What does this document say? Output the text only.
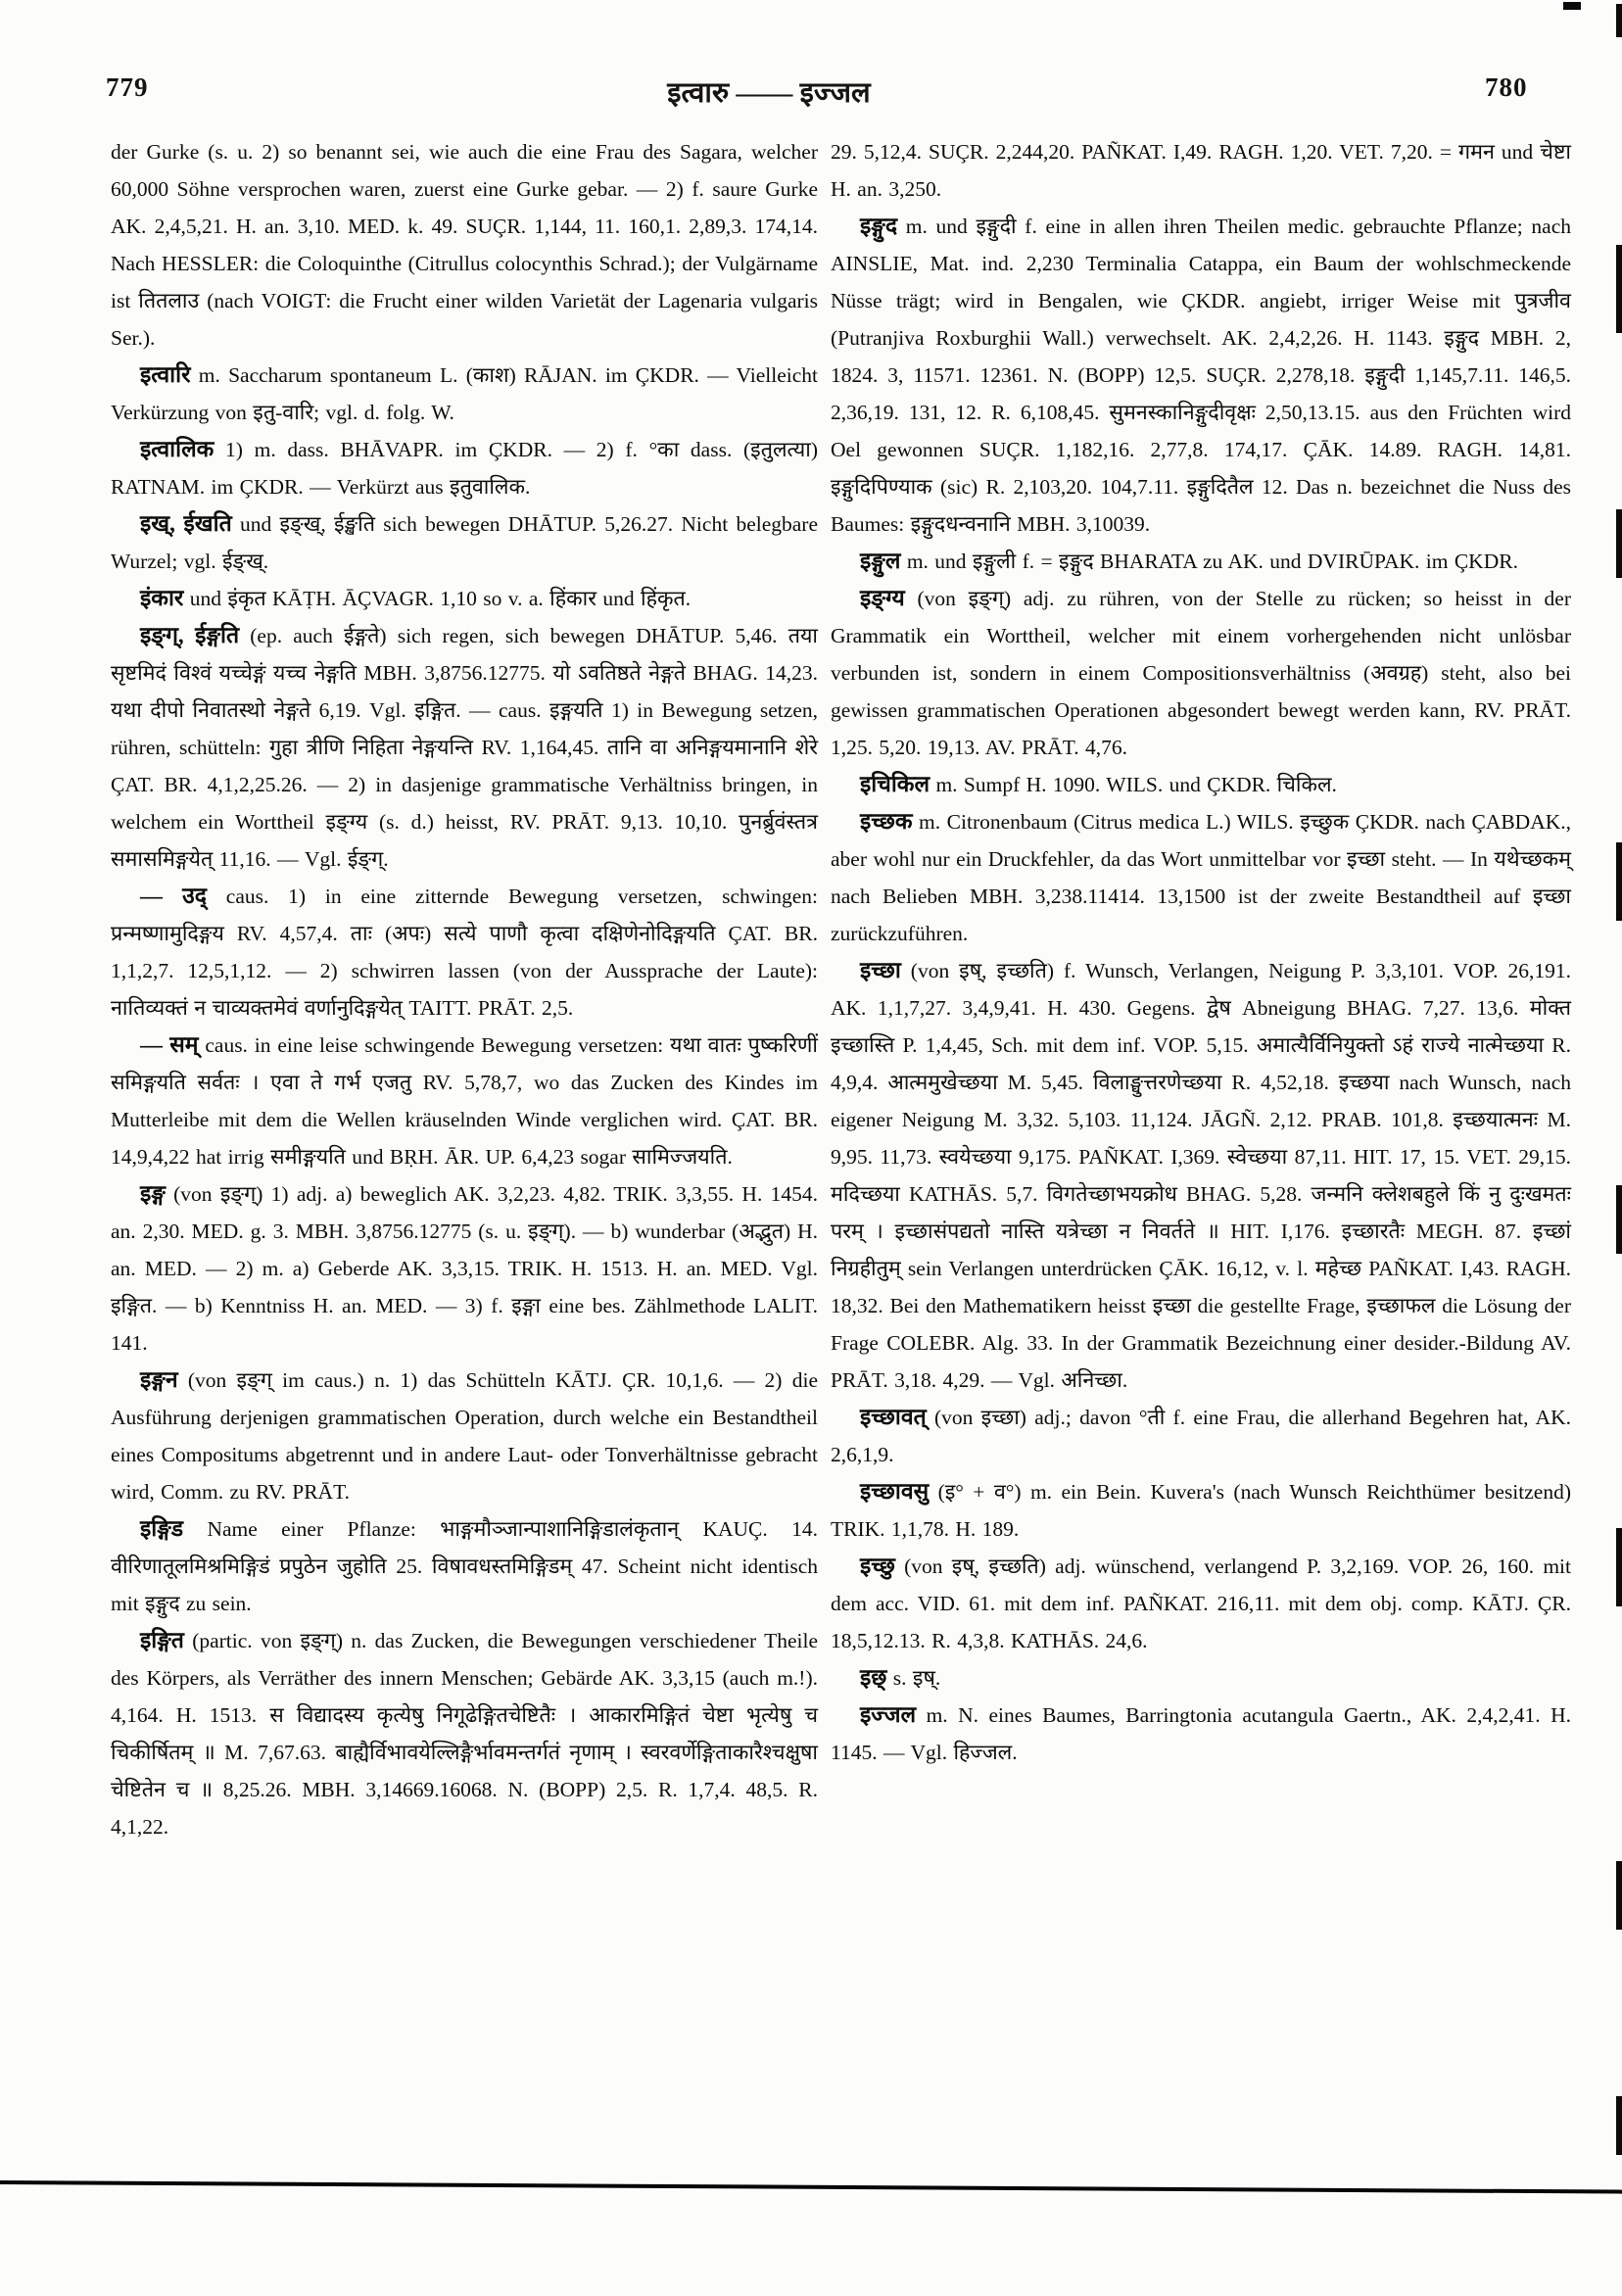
779	इत्वारु —— इज्जल	780

der Gurke (s. u. 2) so benannt sei, wie auch die eine Frau des Sagara, welcher 60,000 Söhne versprochen waren, zuerst eine Gurke gebar. — 2) f. saure Gurke AK. 2,4,5,21. H. an. 3,10. MED. k. 49. SUÇR. 1,144, 11. 160,1. 2,89,3. 174,14. Nach HESSLER: die Coloquinthe (Citrullus colocynthis Schrad.); der Vulgärname ist तितलाउ (nach VOIGT: die Frucht einer wilden Varietät der Lagenaria vulgaris Ser.).

इत्वारि m. Saccharum spontaneum L. (काश) RĀJAN. im ÇKDR. — Vielleicht Verkürzung von इतु-वारि; vgl. d. folg. W.

इत्वालिक 1) m. dass. BHĀVAPR. im ÇKDR. — 2) f. °का dass. (इतुलत्या) RATNAM. im ÇKDR. — Verkürzt aus इतुवालिक.

इख्, ईखति und इङ्ख्, ईङ्खति sich bewegen DHĀTUP. 5,26.27. Nicht belegbare Wurzel; vgl. ईङ्ख्.

इंकार und इंकृत KĀṬH. ĀÇVAGR. 1,10 so v. a. हिंकार und हिंकृत.

इङ्ग्, ईङ्गति (ep. auch ईङ्गते) sich regen, sich bewegen DHĀTUP. 5,46. तया सृष्टमिदं विश्वं यच्चेङ्गं यच्च नेङ्गति MBH. 3,8756.12775. यो ऽवतिष्ठते नेङ्गते BHAG. 14,23. यथा दीपो निवातस्थो नेङ्गते 6,19. Vgl. इङ्गित. — caus. इङ्गयति 1) in Bewegung setzen, rühren, schütteln: गुहा त्रीणि निहिता नेङ्गयन्ति RV. 1,164,45. तानि वा अनिङ्गयमानानि शेरे ÇAT. BR. 4,1,2,25.26. — 2) in dasjenige grammatische Verhältniss bringen, in welchem ein Worttheil इङ्ग्य (s. d.) heisst, RV. PRĀT. 9,13. 10,10. पुनर्ब्रुवंस्तत्र समासमिङ्गयेत् 11,16. — Vgl. ईङ्ग्.

— उद् caus. 1) in eine zitternde Bewegung versetzen, schwingen: प्रन्मष्णामुदिङ्गय RV. 4,57,4. ताः (अपः) सत्ये पाणौ कृत्वा दक्षिणेनोदिङ्गयति ÇAT. BR. 1,1,2,7. 12,5,1,12. — 2) schwirren lassen (von der Aussprache der Laute): नातिव्यक्तं न चाव्यक्तमेवं वर्णानुदिङ्गयेत् TAITT. PRĀT. 2,5.

— सम् caus. in eine leise schwingende Bewegung versetzen: यथा वातः पुष्करिणीं समिङ्गयति सर्वतः । एवा ते गर्भ एजतु RV. 5,78,7, wo das Zucken des Kindes im Mutterleibe mit dem die Wellen kräuselnden Winde verglichen wird. ÇAT. BR. 14,9,4,22 hat irrig समीङ्गयति und BṚH. ĀR. UP. 6,4,23 sogar सामिज्जयति.

इङ्ग (von इङ्ग्) 1) adj. a) beweglich AK. 3,2,23. 4,82. TRIK. 3,3,55. H. 1454. an. 2,30. MED. g. 3. MBH. 3,8756.12775 (s. u. इङ्ग्). — b) wunderbar (अद्भुत) H. an. MED. — 2) m. a) Geberde AK. 3,3,15. TRIK. H. 1513. H. an. MED. Vgl. इङ्गित. — b) Kenntniss H. an. MED. — 3) f. इङ्गा eine bes. Zählmethode LALIT. 141.

इङ्गन (von इङ्ग् im caus.) n. 1) das Schütteln KĀTJ. ÇR. 10,1,6. — 2) die Ausführung derjenigen grammatischen Operation, durch welche ein Bestandtheil eines Compositums abgetrennt und in andere Laut- oder Tonverhältnisse gebracht wird, Comm. zu RV. PRĀT.

इङ्गिड Name einer Pflanze: भाङ्गमौञ्जान्पाशानिङ्गिडालंकृतान् KAUÇ. 14. वीरिणातूलमिश्रमिङ्गिडं प्रपुठेन जुहोति 25. विषावधस्तमिङ्गिडम् 47. Scheint nicht identisch mit इङ्गुद zu sein.

इङ्गित (partic. von इङ्ग्) n. das Zucken, die Bewegungen verschiedener Theile des Körpers, als Verräther des innern Menschen; Gebärde AK. 3,3,15 (auch m.!). 4,164. H. 1513. स विद्यादस्य कृत्येषु निगूढेङ्गितचेष्टितैः । आकारमिङ्गितं चेष्टा भृत्येषु च चिकीर्षितम् ॥ M. 7,67.63. बाह्यैर्विभावयेल्लिङ्गैर्भावमन्तर्गतं नृणाम् । स्वरवर्णेङ्गिताकारैश्चक्षुषा चेष्टितेन च ॥ 8,25.26. MBH. 3,14669.16068. N. (BOPP) 2,5. R. 1,7,4. 48,5. R. 4,1,22.

29. 5,12,4. SUÇR. 2,244,20. PAÑKAT. I,49. RAGH. 1,20. VET. 7,20. = गमन und चेष्टा H. an. 3,250.

इङ्गुद m. und इङ्गुदी f. eine in allen ihren Theilen medic. gebrauchte Pflanze; nach AINSLIE, Mat. ind. 2,230 Terminalia Catappa, ein Baum der wohlschmeckende Nüsse trägt; wird in Bengalen, wie ÇKDR. angiebt, irriger Weise mit पुत्रजीव (Putranjiva Roxburghii Wall.) verwechselt. AK. 2,4,2,26. H. 1143. इङ्गुद MBH. 2, 1824. 3, 11571. 12361. N. (BOPP) 12,5. SUÇR. 2,278,18. इङ्गुदी 1,145,7.11. 146,5. 2,36,19. 131, 12. R. 6,108,45. सुमनस्कानिङ्गुदीवृक्षः 2,50,13.15. aus den Früchten wird Oel gewonnen SUÇR. 1,182,16. 2,77,8. 174,17. ÇĀK. 14.89. RAGH. 14,81. इङ्गुदिपिण्याक (sic) R. 2,103,20. 104,7.11. इङ्गुदितैल 12. Das n. bezeichnet die Nuss des Baumes: इङ्गुदधन्वनानि MBH. 3,10039.

इङ्गुल m. und इङ्गुली f. = इङ्गुद BHARATA zu AK. und DVIRŪPAK. im ÇKDR.

इङ्ग्य (von इङ्ग्) adj. zu rühren, von der Stelle zu rücken; so heisst in der Grammatik ein Worttheil, welcher mit einem vorhergehenden nicht unlösbar verbunden ist, sondern in einem Compositionsverhältniss (अवग्रह) steht, also bei gewissen grammatischen Operationen abgesondert bewegt werden kann, RV. PRĀT. 1,25. 5,20. 19,13. AV. PRĀT. 4,76.

इचिकिल m. Sumpf H. 1090. WILS. und ÇKDR. चिकिल.

इच्छक m. Citronenbaum (Citrus medica L.) WILS. इच्छुक ÇKDR. nach ÇABDAK., aber wohl nur ein Druckfehler, da das Wort unmittelbar vor इच्छा steht. — In यथेच्छकम् nach Belieben MBH. 3,238.11414. 13,1500 ist der zweite Bestandtheil auf इच्छा zurückzuführen.

इच्छा (von इष्, इच्छति) f. Wunsch, Verlangen, Neigung P. 3,3,101. VOP. 26,191. AK. 1,1,7,27. 3,4,9,41. H. 430. Gegens. द्वेष Abneigung BHAG. 7,27. 13,6. मोक्त इच्छास्ति P. 1,4,45, Sch. mit dem inf. VOP. 5,15. अमात्यैर्विनियुक्तो ऽहं राज्ये नात्मेच्छया R. 4,9,4. आत्ममुखेच्छया M. 5,45. विलाङ्घुत्तरणेच्छया R. 4,52,18. इच्छया nach Wunsch, nach eigener Neigung M. 3,32. 5,103. 11,124. JĀGÑ. 2,12. PRAB. 101,8. इच्छयात्मनः M. 9,95. 11,73. स्वयेच्छया 9,175. PAÑKAT. I,369. स्वेच्छया 87,11. HIT. 17, 15. VET. 29,15. मदिच्छया KATHĀS. 5,7. विगतेच्छाभयक्रोध BHAG. 5,28. जन्मनि क्लेशबहुले किं नु दुःखमतः परम् । इच्छासंपद्यतो नास्ति यत्रेच्छा न निवर्तते ॥ HIT. I,176. इच्छारतैः MEGH. 87. इच्छां निग्रहीतुम् sein Verlangen unterdrücken ÇĀK. 16,12, v. l. महेच्छ PAÑKAT. I,43. RAGH. 18,32. Bei den Mathematikern heisst इच्छा die gestellte Frage, इच्छाफल die Lösung der Frage COLEBR. Alg. 33. In der Grammatik Bezeichnung einer desider.-Bildung AV. PRĀT. 3,18. 4,29. — Vgl. अनिच्छा.

इच्छावत् (von इच्छा) adj.; davon °ती f. eine Frau, die allerhand Begehren hat, AK. 2,6,1,9.

इच्छावसु (इ° + व°) m. ein Bein. Kuvera's (nach Wunsch Reichthümer besitzend) TRIK. 1,1,78. H. 189.

इच्छु (von इष्, इच्छति) adj. wünschend, verlangend P. 3,2,169. VOP. 26, 160. mit dem acc. VID. 61. mit dem inf. PAÑKAT. 216,11. mit dem obj. comp. KĀTJ. ÇR. 18,5,12.13. R. 4,3,8. KATHĀS. 24,6.

इछ् s. इष्.

इज्जल m. N. eines Baumes, Barringtonia acutangula Gaertn., AK. 2,4,2,41. H. 1145. — Vgl. हिज्जल.
